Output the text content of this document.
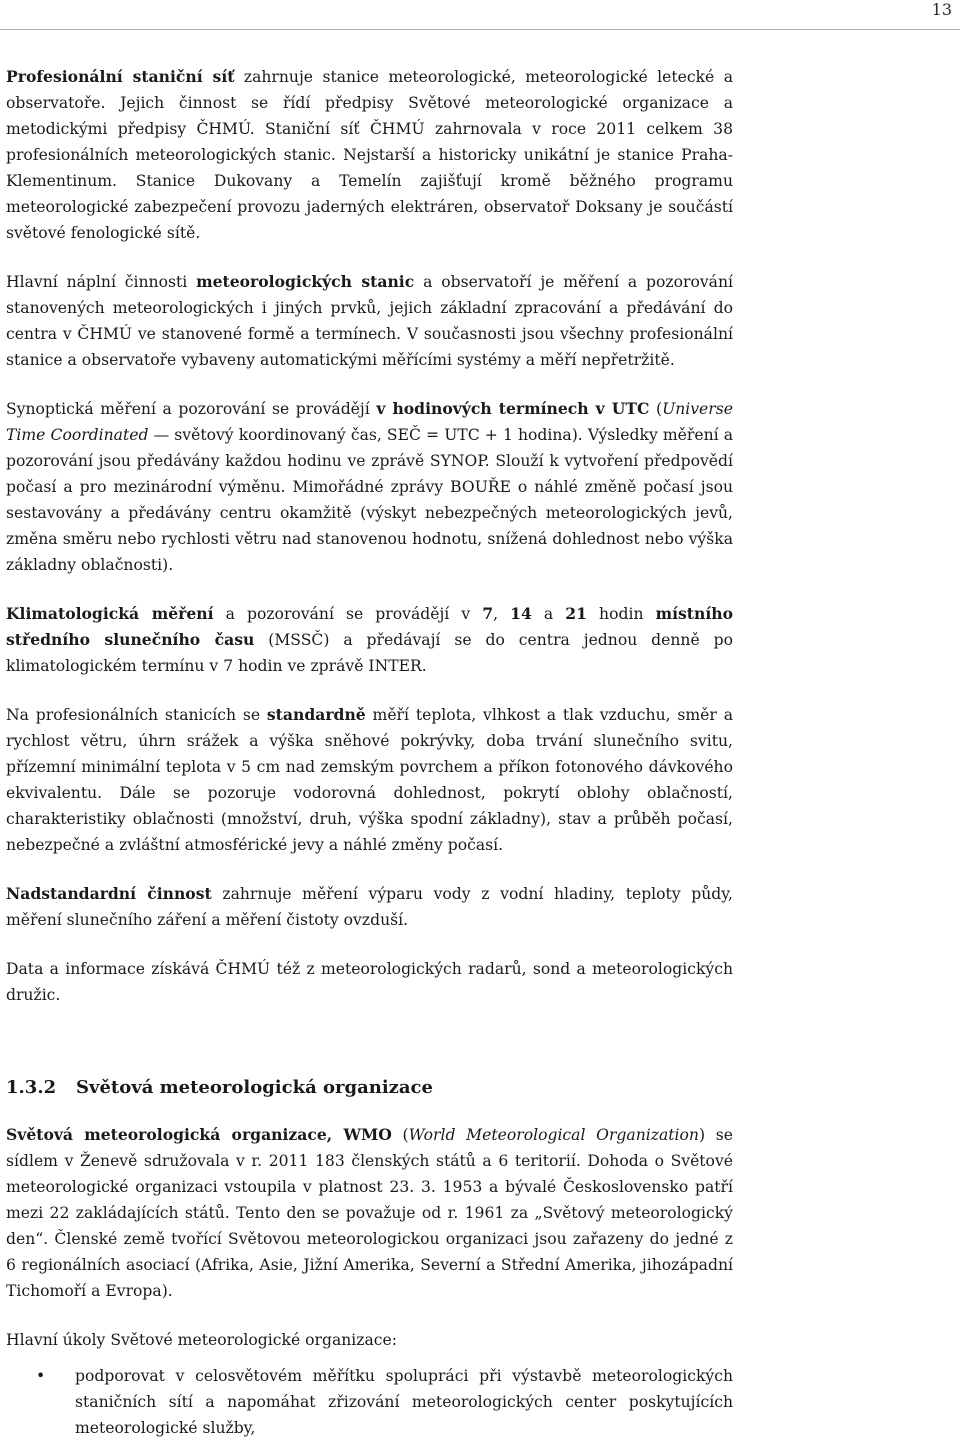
13

Profesionální staniční síť zahrnuje stanice meteorologické, meteorologické letecké a observatoře. Jejich činnost se řídí předpisy Světové meteorologické organizace a metodickými předpisy ČHMÚ. Staniční síť ČHMÚ zahrnovala v roce 2011 celkem 38 profesionálních meteorologických stanic. Nejstarší a historicky unikátní je stanice Praha-Klementinum. Stanice Dukovany a Temelín zajišťují kromě běžného programu meteorologické zabezpečení provozu jaderných elektráren, observatoř Doksany je součástí světové fenologické sítě.

Hlavní náplní činnosti meteorologických stanic a observatoří je měření a pozorování stanovených meteorologických i jiných prvků, jejich základní zpracování a předávání do centra v ČHMÚ ve stanovené formě a termínech. V současnosti jsou všechny profesionální stanice a observatoře vybaveny automatickými měřícími systémy a měří nepřetržitě.

Synoptická měření a pozorování se provádějí v hodinových termínech v UTC (Universe Time Coordinated — světový koordinovaný čas, SEČ = UTC + 1 hodina). Výsledky měření a pozorování jsou předávány každou hodinu ve zprávě SYNOP. Slouží k vytvoření předpovědí počasí a pro mezinárodní výměnu. Mimořádné zprávy BOUŘE o náhlé změně počasí jsou sestavovány a předávány centru okamžitě (výskyt nebezpečných meteorologických jevů, změna směru nebo rychlosti větru nad stanovenou hodnotu, snížená dohlednost nebo výška základny oblačnosti).

Klimatologická měření a pozorování se provádějí v 7, 14 a 21 hodin místního středního slunečního času (MSSČ) a předávají se do centra jednou denně po klimatologickém termínu v 7 hodin ve zprávě INTER.

Na profesionálních stanicích se standardně měří teplota, vlhkost a tlak vzduchu, směr a rychlost větru, úhrn srážek a výška sněhové pokrývky, doba trvání slunečního svitu, přízemní minimální teplota v 5 cm nad zemským povrchem a příkon fotonového dávkového ekvivalentu. Dále se pozoruje vodorovná dohlednost, pokrytí oblohy oblačností, charakteristiky oblačnosti (množství, druh, výška spodní základny), stav a průběh počasí, nebezpečné a zvláštní atmosférické jevy a náhlé změny počasí.

Nadstandardní činnost zahrnuje měření výparu vody z vodní hladiny, teploty půdy, měření slunečního záření a měření čistoty ovzduší.

Data a informace získává ČHMÚ též z meteorologických radarů, sond a meteorologických družic.

1.3.2 Světová meteorologická organizace

Světová meteorologická organizace, WMO (World Meteorological Organization) se sídlem v Ženevě sdružovala v r. 2011 183 členských států a 6 teritorií. Dohoda o Světové meteorologické organizaci vstoupila v platnost 23. 3. 1953 a bývalé Československo patří mezi 22 zakládajících států. Tento den se považuje od r. 1961 za „Světový meteorologický den“. Členské země tvořící Světovou meteorologickou organizaci jsou zařazeny do jedné z 6 regionálních asociací (Afrika, Asie, Jižní Amerika, Severní a Střední Amerika, jihozápadní Tichomoří a Evropa).

Hlavní úkoly Světové meteorologické organizace:

• podporovat v celosvětovém měřítku spolupráci při výstavbě meteorologických staničních sítí a napomáhat zřizování meteorologických center poskytujících meteorologické služby,
